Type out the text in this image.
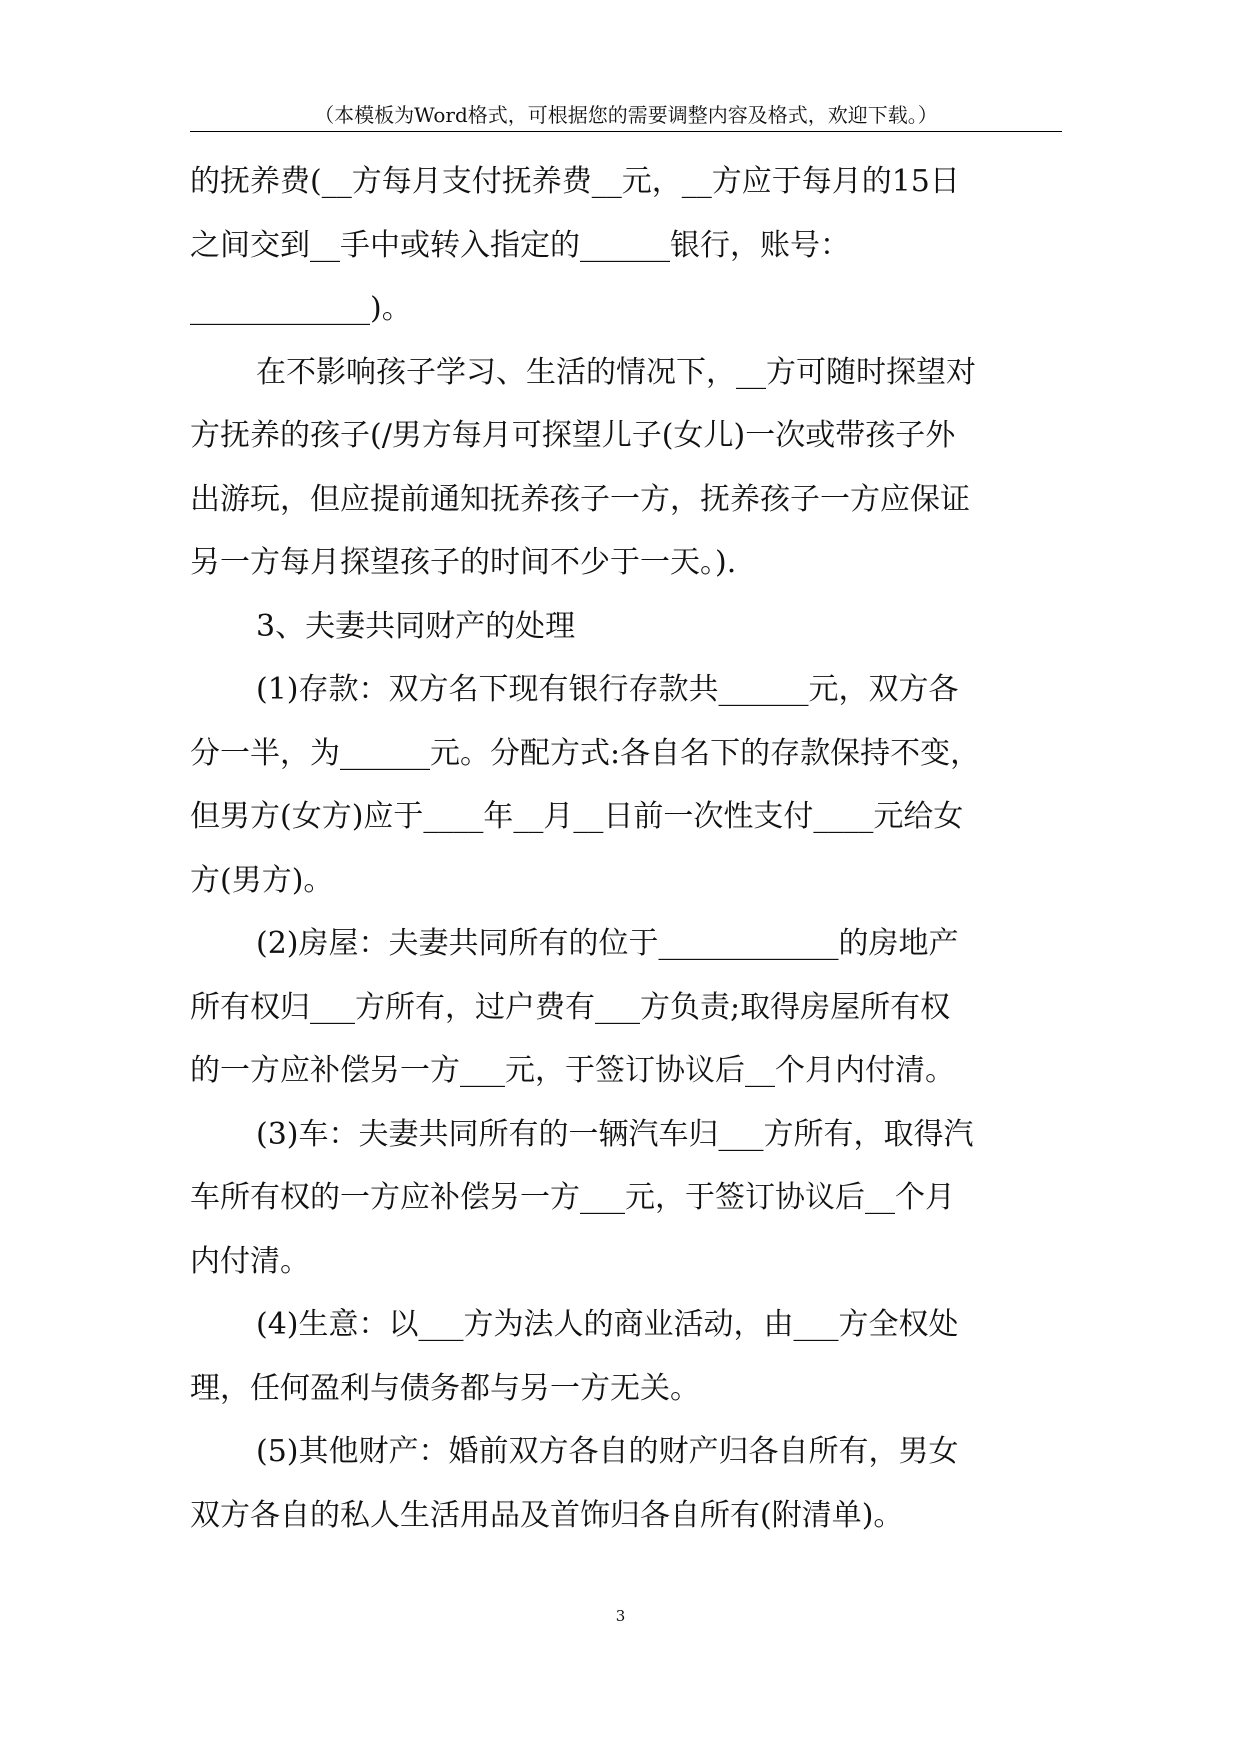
（本模板为Word格式，可根据您的需要调整内容及格式，欢迎下载。）
的抚养费(__方每月支付抚养费__元，__方应于每月的15日
之间交到__手中或转入指定的______银行，账号：
____________)。
在不影响孩子学习、生活的情况下，__方可随时探望对
方抚养的孩子(/男方每月可探望儿子(女儿)一次或带孩子外
出游玩，但应提前通知抚养孩子一方，抚养孩子一方应保证
另一方每月探望孩子的时间不少于一天。).
3、夫妻共同财产的处理
(1)存款：双方名下现有银行存款共______元，双方各
分一半，为______元。分配方式:各自名下的存款保持不变，
但男方(女方)应于____年__月__日前一次性支付____元给女
方(男方)。
(2)房屋：夫妻共同所有的位于____________的房地产
所有权归___方所有，过户费有___方负责;取得房屋所有权
的一方应补偿另一方___元，于签订协议后__个月内付清。
(3)车：夫妻共同所有的一辆汽车归___方所有，取得汽
车所有权的一方应补偿另一方___元，于签订协议后__个月
内付清。
(4)生意：以___方为法人的商业活动，由___方全权处
理，任何盈利与债务都与另一方无关。
(5)其他财产：婚前双方各自的财产归各自所有，男女
双方各自的私人生活用品及首饰归各自所有(附清单)。
3
